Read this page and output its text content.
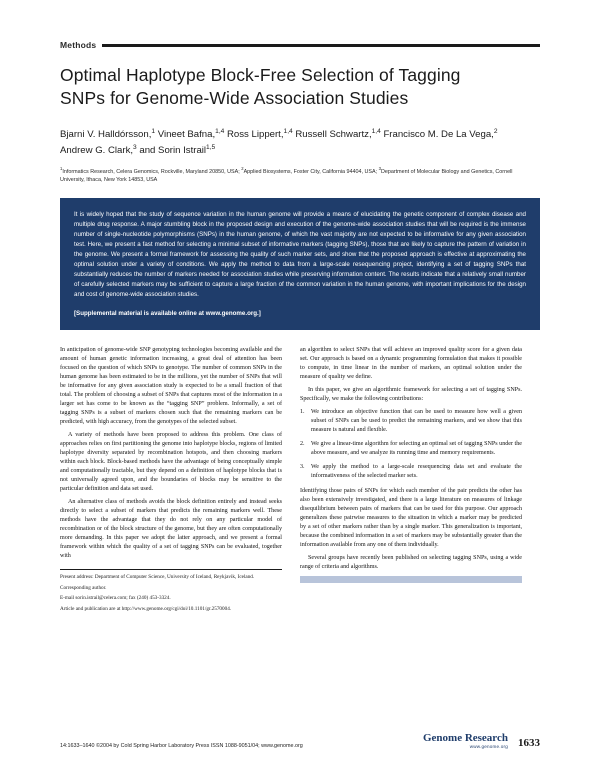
Methods
Optimal Haplotype Block-Free Selection of Tagging SNPs for Genome-Wide Association Studies
Bjarni V. Halldórsson,$^1$ Vineet Bafna,$^{1,4}$ Ross Lippert,$^{1,4}$ Russell Schwartz,$^{1,4}$ Francisco M. De La Vega,$^2$ Andrew G. Clark,$^3$ and Sorin Istrail$^{1,5}$
$^1$Informatics Research, Celera Genomics, Rockville, Maryland 20850, USA; $^2$Applied Biosystems, Foster City, California 94404, USA; $^3$Department of Molecular Biology and Genetics, Cornell University, Ithaca, New York 14853, USA
It is widely hoped that the study of sequence variation in the human genome will provide a means of elucidating the genetic component of complex disease and multiple drug response. A major stumbling block in the proposed design and execution of the genome-wide association studies that will be required is the immense number of single-nucleotide polymorphisms (SNPs) in the human genome, of which the vast majority are not expected to be informative for any given association test. Here, we present a fast method for selecting a minimal subset of informative markers (tagging SNPs), those that are likely to capture the pattern of variation in the genome. We present a formal framework for assessing the quality of such marker sets, and show that the proposed approach is effective at approximating the optimal solution under a variety of conditions. We apply the method to data from a large-scale resequencing project, identifying a set of tagging SNPs that substantially reduces the number of markers needed for association studies while preserving information content. The results indicate that a relatively small number of carefully selected markers may be sufficient to capture a large fraction of the common variation in the human genome, with important implications for the design and cost of genome-wide association studies.
[Supplemental material is available online at www.genome.org.]

In anticipation of genome-wide SNP genotyping technologies becoming available and the amount of human genetic information increasing, a great deal of attention has been focused on the question of which SNPs to genotype. The number of common SNPs in the human genome has been estimated to be in the millions, yet the number of SNPs that will be informative for any given association study is expected to be a small fraction of that total. The problem of choosing a subset of SNPs that captures most of the information in a larger set has come to be known as the “tagging SNP” problem. Informally, a set of tagging SNPs is a subset of markers chosen such that the remaining markers can be predicted, with high accuracy, from the genotypes of the selected subset.

A variety of methods have been proposed to address this problem. One class of approaches relies on first partitioning the genome into haplotype blocks, regions of limited haplotype diversity separated by recombination hotspots, and then choosing markers within each block. Block-based methods have the advantage of being conceptually simple and computationally tractable, but they depend on a definition of haplotype blocks that is not universally agreed upon, and the boundaries of blocks may be sensitive to the particular definition and data set used.

An alternative class of methods avoids the block definition entirely and instead seeks directly to select a subset of markers that predicts the remaining markers well. These methods have the advantage that they do not rely on any particular model of recombination or of the block structure of the genome, but they are often computationally more demanding. In this paper we adopt the latter approach, and we present a formal framework within which the quality of a set of tagging SNPs can be evaluated, together with

Present address: Department of Computer Science, University of Iceland, Reykjavik, Iceland.

Corresponding author.

E-mail sorin.istrail@celera.com; fax (240) 453-3324.

Article and publication are at http://www.genome.org/cgi/doi/10.1101/gr.2570004.

an algorithm to select SNPs that will achieve an improved quality score for a given data set. Our approach is based on a dynamic programming formulation that makes it possible to compute, in time linear in the number of markers, an optimal solution under the measure of quality we define.

In this paper, we give an algorithmic framework for selecting a set of tagging SNPs. Specifically, we make the following contributions:

1.	We introduce an objective function that can be used to measure how well a given subset of SNPs can be used to predict the remaining markers, and we show that this measure is natural and flexible.
2.	We give a linear-time algorithm for selecting an optimal set of tagging SNPs under the above measure, and we analyze its running time and memory requirements.
3.	We apply the method to a large-scale resequencing data set and evaluate the informativeness of the selected marker sets.

Identifying those pairs of SNPs for which each member of the pair predicts the other has also been extensively investigated, and there is a large literature on measures of linkage disequilibrium between pairs of markers that can be used for this purpose. Our approach generalizes these pairwise measures to the situation in which a marker may be predicted by a set of other markers rather than by a single marker. This generalization is important, because the combined information in a set of markers may be substantially greater than the information available from any one of them individually.

Several groups have recently been published on selecting tagging SNPs, using a wide range of criteria and algorithms.

14:1633–1640 ©2004 by Cold Spring Harbor Laboratory Press ISSN 1088-9051/04; www.genome.org
Genome Research
www.genome.org 1633
